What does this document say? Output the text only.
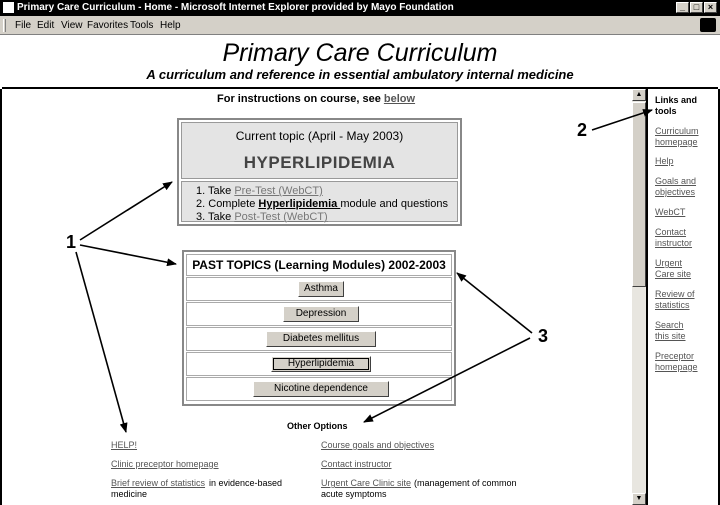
Primary Care Curriculum - Home - Microsoft Internet Explorer provided by Mayo Foundation	_ □ ×
File Edit View Favorites Tools Help
Primary Care Curriculum
A curriculum and reference in essential ambulatory internal medicine
For instructions on course, see below
Current topic (April - May 2003)
HYPERLIPIDEMIA
1. Take Pre-Test (WebCT)
2. Complete Hyperlipidemia module and questions
3. Take Post-Test (WebCT)
PAST TOPICS (Learning Modules) 2002-2003
Asthma
Depression
Diabetes mellitus
Hyperlipidemia
Nicotine dependence
Other Options
HELP!
Clinic preceptor homepage
Brief review of statistics in evidence-based
medicine
Course goals and objectives
Contact instructor
Urgent Care Clinic site (management of common
acute symptoms
▲
▼
Links and tools
Curriculum homepage
Help
Goals and objectives
WebCT
Contact instructor
Urgent Care site
Review of statistics
Search this site
Preceptor homepage
1
2
3
